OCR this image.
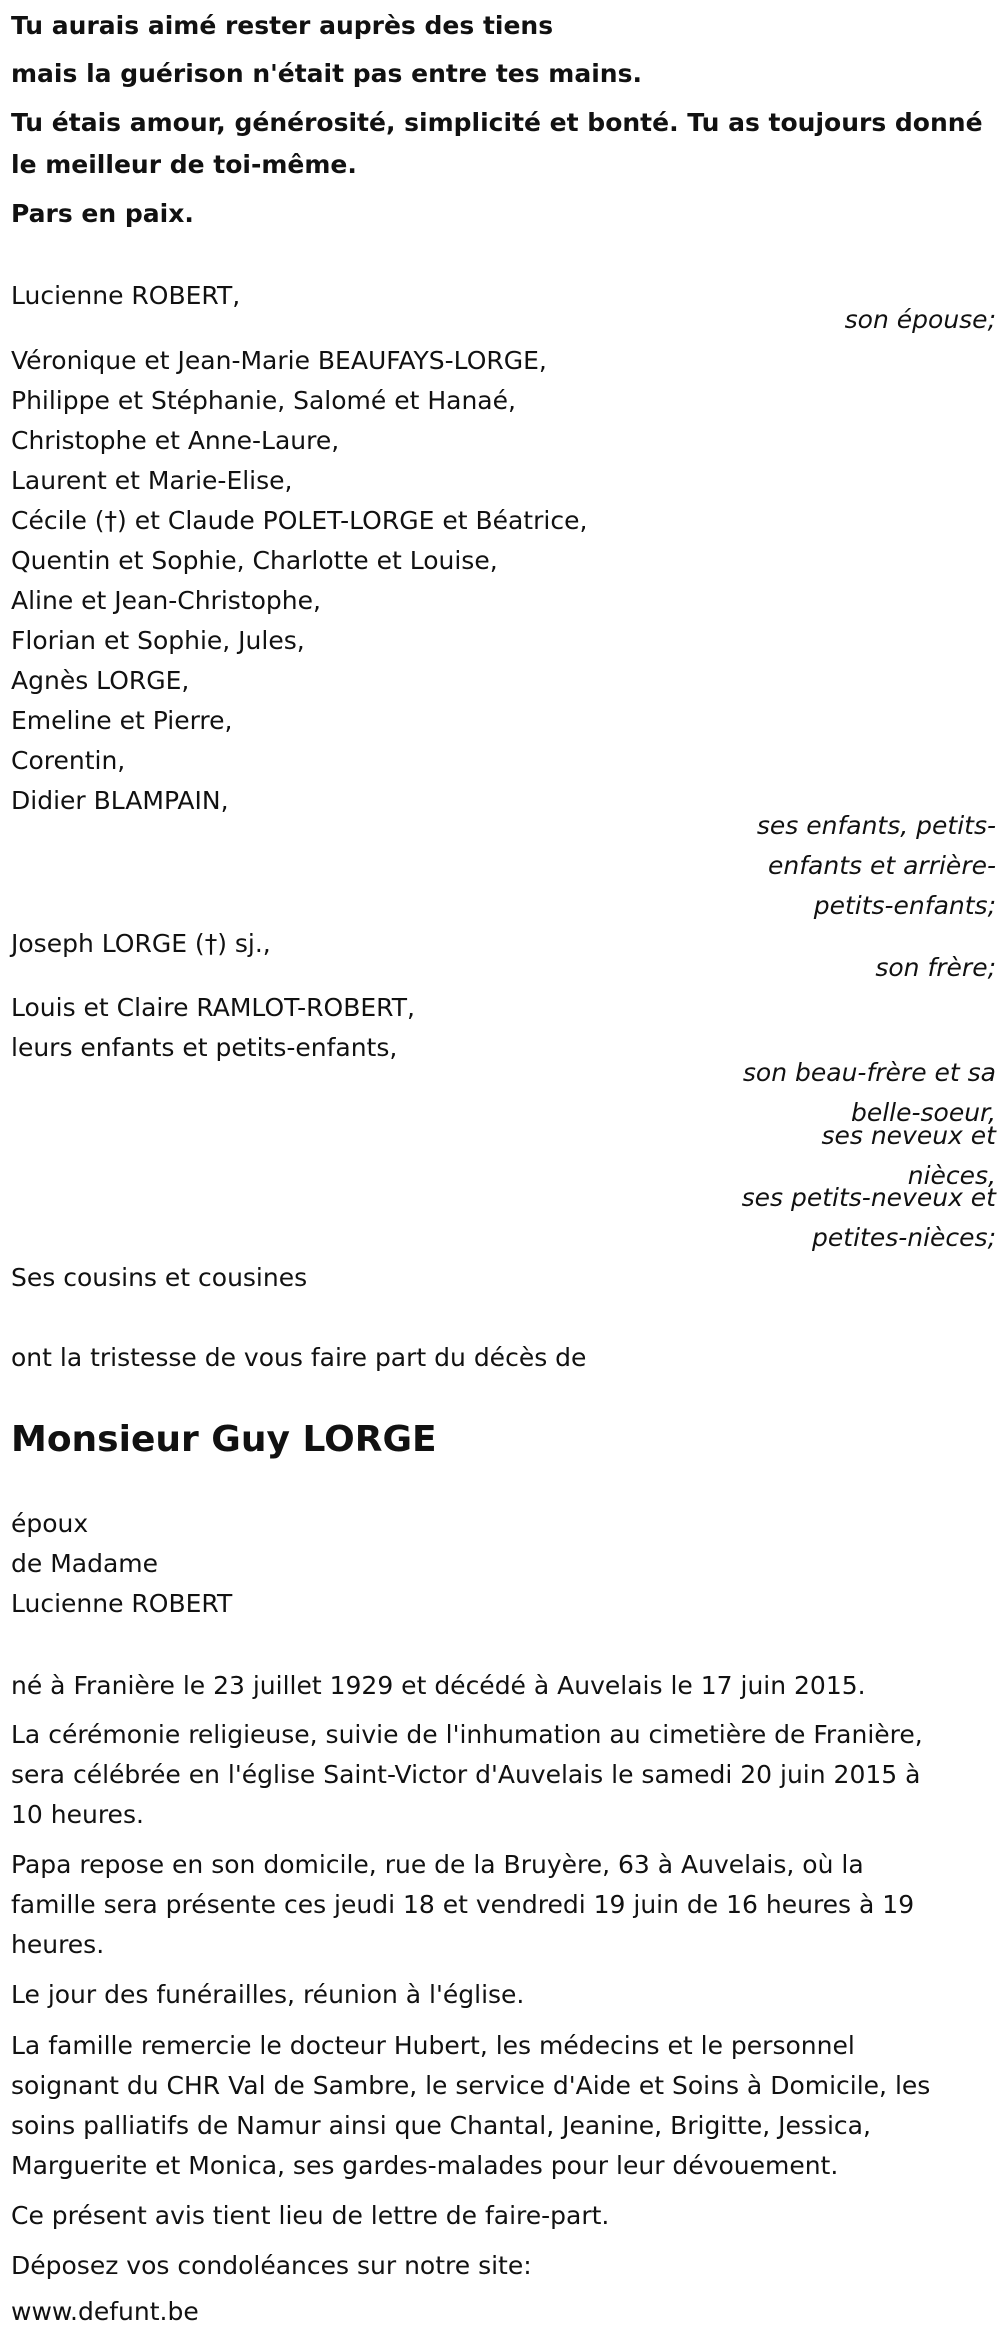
Tu aurais aimé rester auprès des tiens
mais la guérison n'était pas entre tes mains.
Tu étais amour, générosité, simplicité et bonté. Tu as toujours donné
le meilleur de toi-même.
Pars en paix.
Lucienne ROBERT,
son épouse;
Véronique et Jean-Marie BEAUFAYS-LORGE,
Philippe et Stéphanie, Salomé et Hanaé,
Christophe et Anne-Laure,
Laurent et Marie-Elise,
Cécile (†) et Claude POLET-LORGE et Béatrice,
Quentin et Sophie, Charlotte et Louise,
Aline et Jean-Christophe,
Florian et Sophie, Jules,
Agnès LORGE,
Emeline et Pierre,
Corentin,
Didier BLAMPAIN,
ses enfants, petits-
enfants et arrière-
petits-enfants;
Joseph LORGE (†) sj.,
son frère;
Louis et Claire RAMLOT-ROBERT,
leurs enfants et petits-enfants,
son beau-frère et sa
belle-soeur,
ses neveux et
nièces,
ses petits-neveux et
petites-nièces;
Ses cousins et cousines
ont la tristesse de vous faire part du décès de
Monsieur Guy LORGE
époux
de Madame
Lucienne ROBERT
né à Franière le 23 juillet 1929 et décédé à Auvelais le 17 juin 2015.
La cérémonie religieuse, suivie de l'inhumation au cimetière de Franière,
sera célébrée en l'église Saint-Victor d'Auvelais le samedi 20 juin 2015 à
10 heures.
Papa repose en son domicile, rue de la Bruyère, 63 à Auvelais, où la
famille sera présente ces jeudi 18 et vendredi 19 juin de 16 heures à 19
heures.
Le jour des funérailles, réunion à l'église.
La famille remercie le docteur Hubert, les médecins et le personnel
soignant du CHR Val de Sambre, le service d'Aide et Soins à Domicile, les
soins palliatifs de Namur ainsi que Chantal, Jeanine, Brigitte, Jessica,
Marguerite et Monica, ses gardes-malades pour leur dévouement.
Ce présent avis tient lieu de lettre de faire-part.
Déposez vos condoléances sur notre site:
www.defunt.be
